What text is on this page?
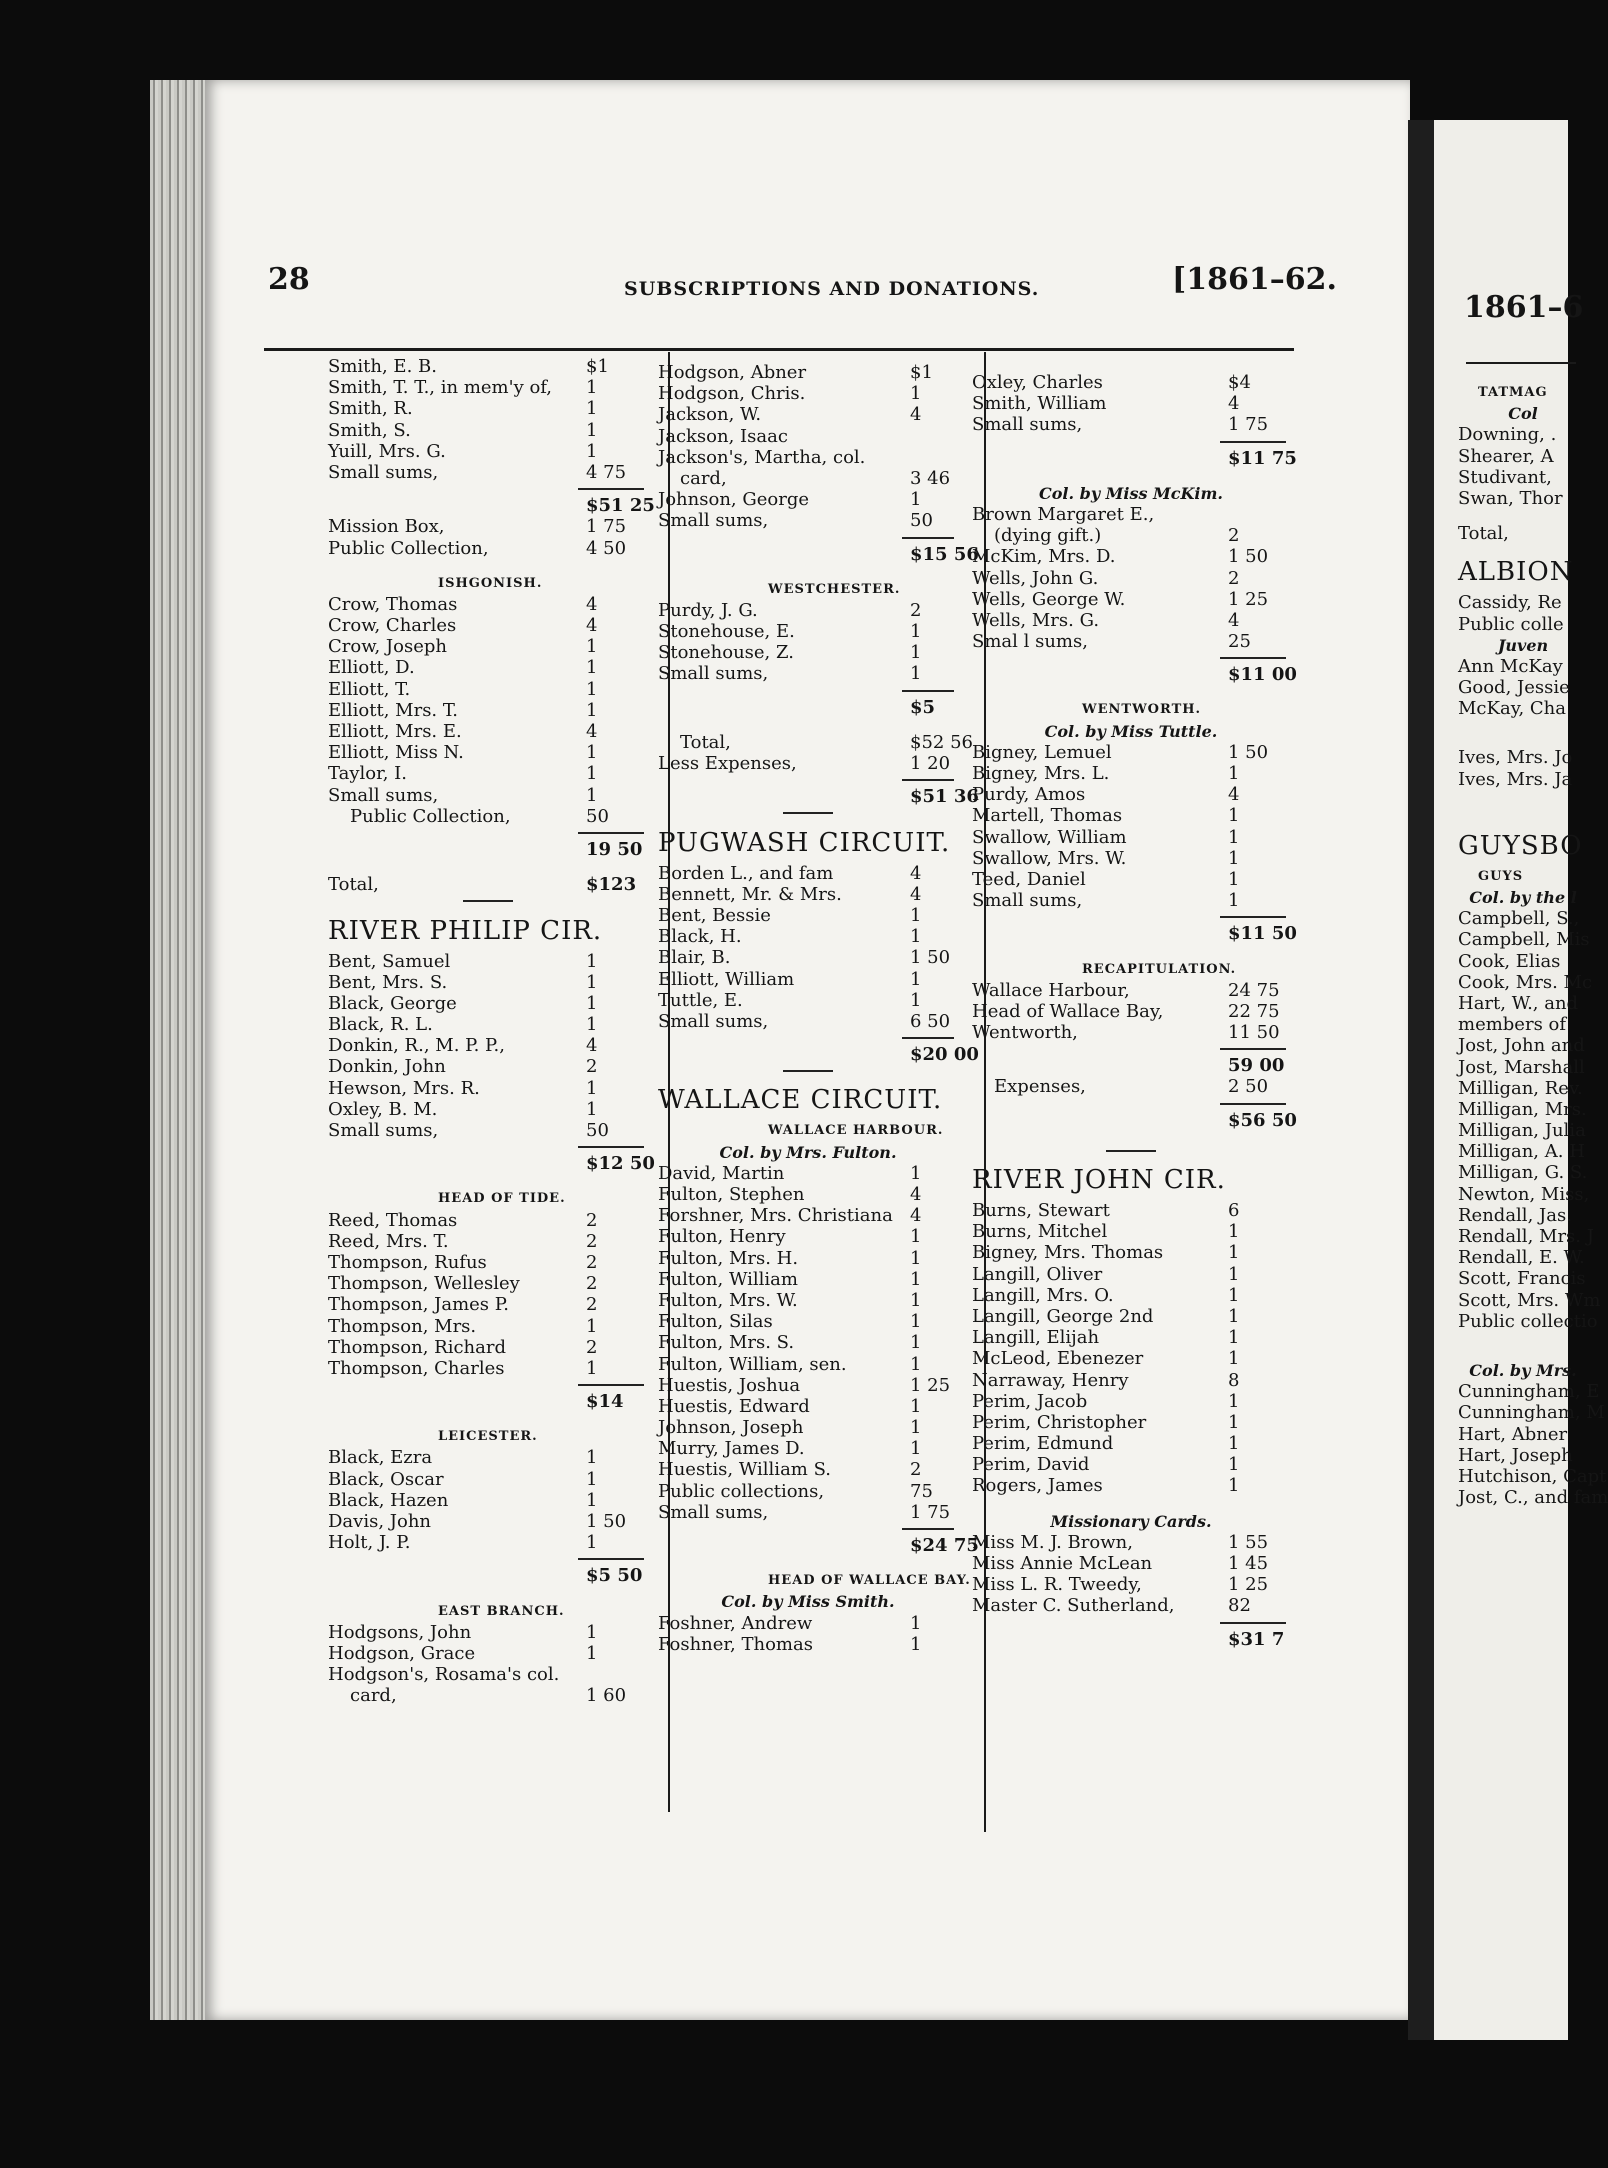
1861–6
TATMAG
Col
Downing, .
Shearer, A
Studivant,
Swan, Thor
Total,
ALBION
Cassidy, Re
Public colle
Juven
Ann McKay
Good, Jessie
McKay, Cha
Ives, Mrs. Jo
Ives, Mrs. Ja
GUYSBO
GUYS
Col. by the l
Campbell, S.,
Campbell, Mis
Cook, Elias
Cook, Mrs. Mc
Hart, W., and
members of
Jost, John and
Jost, Marshall
Milligan, Rev.
Milligan, Mrs.
Milligan, Julia
Milligan, A. H
Milligan, G. S.
Newton, Miss,
Rendall, Jas.
Rendall, Mrs. J
Rendall, E. W.
Scott, Francis
Scott, Mrs. Wm
Public collectio
Col. by Mrs.
Cunningham, E
Cunningham, M
Hart, Abner
Hart, Joseph
Hutchison, Capt
Jost, C., and fam
28	SUBSCRIPTIONS AND DONATIONS.	[1861–62.
Smith, E. B.	$1
Smith, T. T., in mem'y of, 1
Smith, R.	1
Smith, S.	1
Yuill, Mrs. G.	1
Small sums,	4 75
$51 25
Mission Box,	1 75
Public Collection,	4 50
ISHGONISH.
Crow, Thomas	4
Crow, Charles	4
Crow, Joseph	1
Elliott, D.	1
Elliott, T.	1
Elliott, Mrs. T.	1
Elliott, Mrs. E.	4
Elliott, Miss N.	1
Taylor, I.	1
Small sums,	1
Public Collection,	50
19 50
Total,	$123
RIVER PHILIP CIR.
Bent, Samuel	1
Bent, Mrs. S.	1
Black, George	1
Black, R. L.	1
Donkin, R., M. P. P.,	4
Donkin, John	2
Hewson, Mrs. R.	1
Oxley, B. M.	1
Small sums,	50
$12 50
HEAD OF TIDE.
Reed, Thomas	2
Reed, Mrs. T.	2
Thompson, Rufus	2
Thompson, Wellesley	2
Thompson, James P.	2
Thompson, Mrs.	1
Thompson, Richard	2
Thompson, Charles	1
$14
LEICESTER.
Black, Ezra	1
Black, Oscar	1
Black, Hazen	1
Davis, John	1 50
Holt, J. P.	1
$5 50
EAST BRANCH.
Hodgsons, John	1
Hodgson, Grace	1
Hodgson's, Rosama's col.
card,	1 60
Hodgson, Abner	$1
Hodgson, Chris.	1
Jackson, W.	4
Jackson, Isaac
Jackson's, Martha, col.
card,	3 46
Johnson, George	1
Small sums,	50
$15 56
WESTCHESTER.
Purdy, J. G.	2
Stonehouse, E.	1
Stonehouse, Z.	1
Small sums,	1
$5
Total,	$52 56
Less Expenses,	1 20
$51 36
PUGWASH CIRCUIT.
Borden L., and fam	4
Bennett, Mr. & Mrs.	4
Bent, Bessie	1
Black, H.	1
Blair, B.	1 50
Elliott, William	1
Tuttle, E.	1
Small sums,	6 50
$20 00
WALLACE CIRCUIT.
WALLACE HARBOUR.
Col. by Mrs. Fulton.
David, Martin	1
Fulton, Stephen	4
Forshner, Mrs. Christiana 4
Fulton, Henry	1
Fulton, Mrs. H.	1
Fulton, William	1
Fulton, Mrs. W.	1
Fulton, Silas	1
Fulton, Mrs. S.	1
Fulton, William, sen.	1
Huestis, Joshua	1 25
Huestis, Edward	1
Johnson, Joseph	1
Murry, James D.	1
Huestis, William S.	2
Public collections,	75
Small sums,	1 75
$24 75
HEAD OF WALLACE BAY.
Col. by Miss Smith.
Foshner, Andrew	1
Foshner, Thomas	1
Oxley, Charles	$4
Smith, William	4
Small sums,	1 75
$11 75
Col. by Miss McKim.
Brown Margaret E.,
(dying gift.)	2
McKim, Mrs. D.	1 50
Wells, John G.	2
Wells, George W.	1 25
Wells, Mrs. G.	4
Smal l sums,	25
$11 00
WENTWORTH.
Col. by Miss Tuttle.
Bigney, Lemuel	1 50
Bigney, Mrs. L.	1
Purdy, Amos	4
Martell, Thomas	1
Swallow, William	1
Swallow, Mrs. W.	1
Teed, Daniel	1
Small sums,	1
$11 50
RECAPITULATION.
Wallace Harbour,	24 75
Head of Wallace Bay,	22 75
Wentworth,	11 50
59 00
Expenses,	2 50
$56 50
RIVER JOHN CIR.
Burns, Stewart	6
Burns, Mitchel	1
Bigney, Mrs. Thomas	1
Langill, Oliver	1
Langill, Mrs. O.	1
Langill, George 2nd	1
Langill, Elijah	1
McLeod, Ebenezer	1
Narraway, Henry	8
Perim, Jacob	1
Perim, Christopher	1
Perim, Edmund	1
Perim, David	1
Rogers, James	1
Missionary Cards.
Miss M. J. Brown,	1 55
Miss Annie McLean	1 45
Miss L. R. Tweedy,	1 25
Master C. Sutherland,	82
$31 7
